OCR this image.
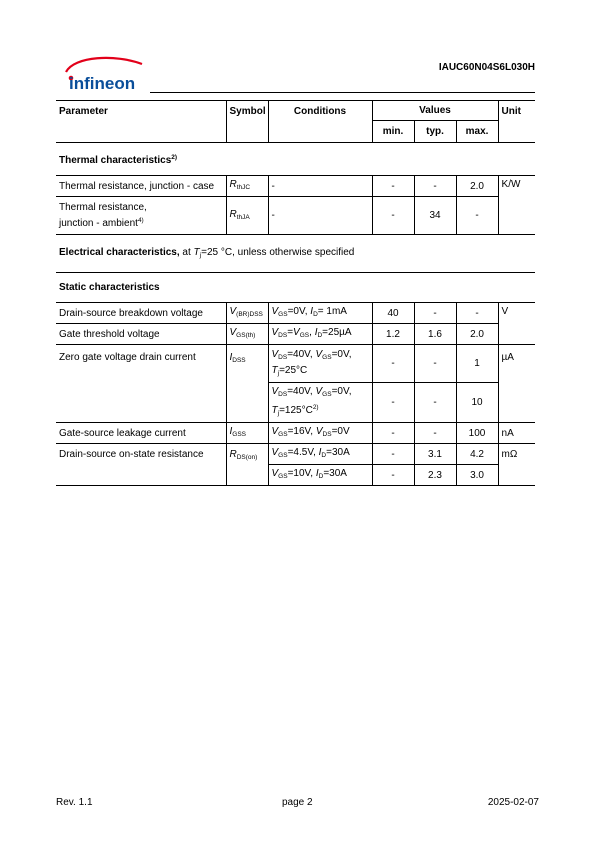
infineon
IAUC60N04S6L030H
Parameter	Symbol	Conditions	Values			Unit
			min.	typ.	max.	
Thermal characteristics$^{2)}$
Thermal resistance, junction - case	$R_{thJC}$	-	-	-	2.0	K/W
Thermal resistance,
junction - ambient$^{4)}$	$R_{thJA}$	-	-	34	-	
Electrical characteristics, at $T_j=25$ °C, unless otherwise specified						
Static characteristics						
Drain-source breakdown voltage	$V_{(BR)DSS}$	$V_{GS}=0V$, $I_D= 1mA$	40	-	-	V
Gate threshold voltage	$V_{GS(th)}$	$V_{DS}=V_{GS}$, $I_D=25\mu A$	1.2	1.6	2.0	
Zero gate voltage drain current	$I_{DSS}$	$V_{DS}=40V$, $V_{GS}=0V$,
$T_j=25^\circ C$	-	-	1	µA
		$V_{DS}=40V$, $V_{GS}=0V$,
$T_j=125^\circ C^{2)}$	-	-	10	
Gate-source leakage current	$I_{GSS}$	$V_{GS}=16V$, $V_{DS}=0V$	-	-	100	nA
Drain-source on-state resistance	$R_{DS(on)}$	$V_{GS}=4.5V$, $I_D=30A$	-	3.1	4.2	mΩ
		$V_{GS}=10V$, $I_D=30A$	-	2.3	3.0	
Rev. 1.1	page 2	2025-02-07
